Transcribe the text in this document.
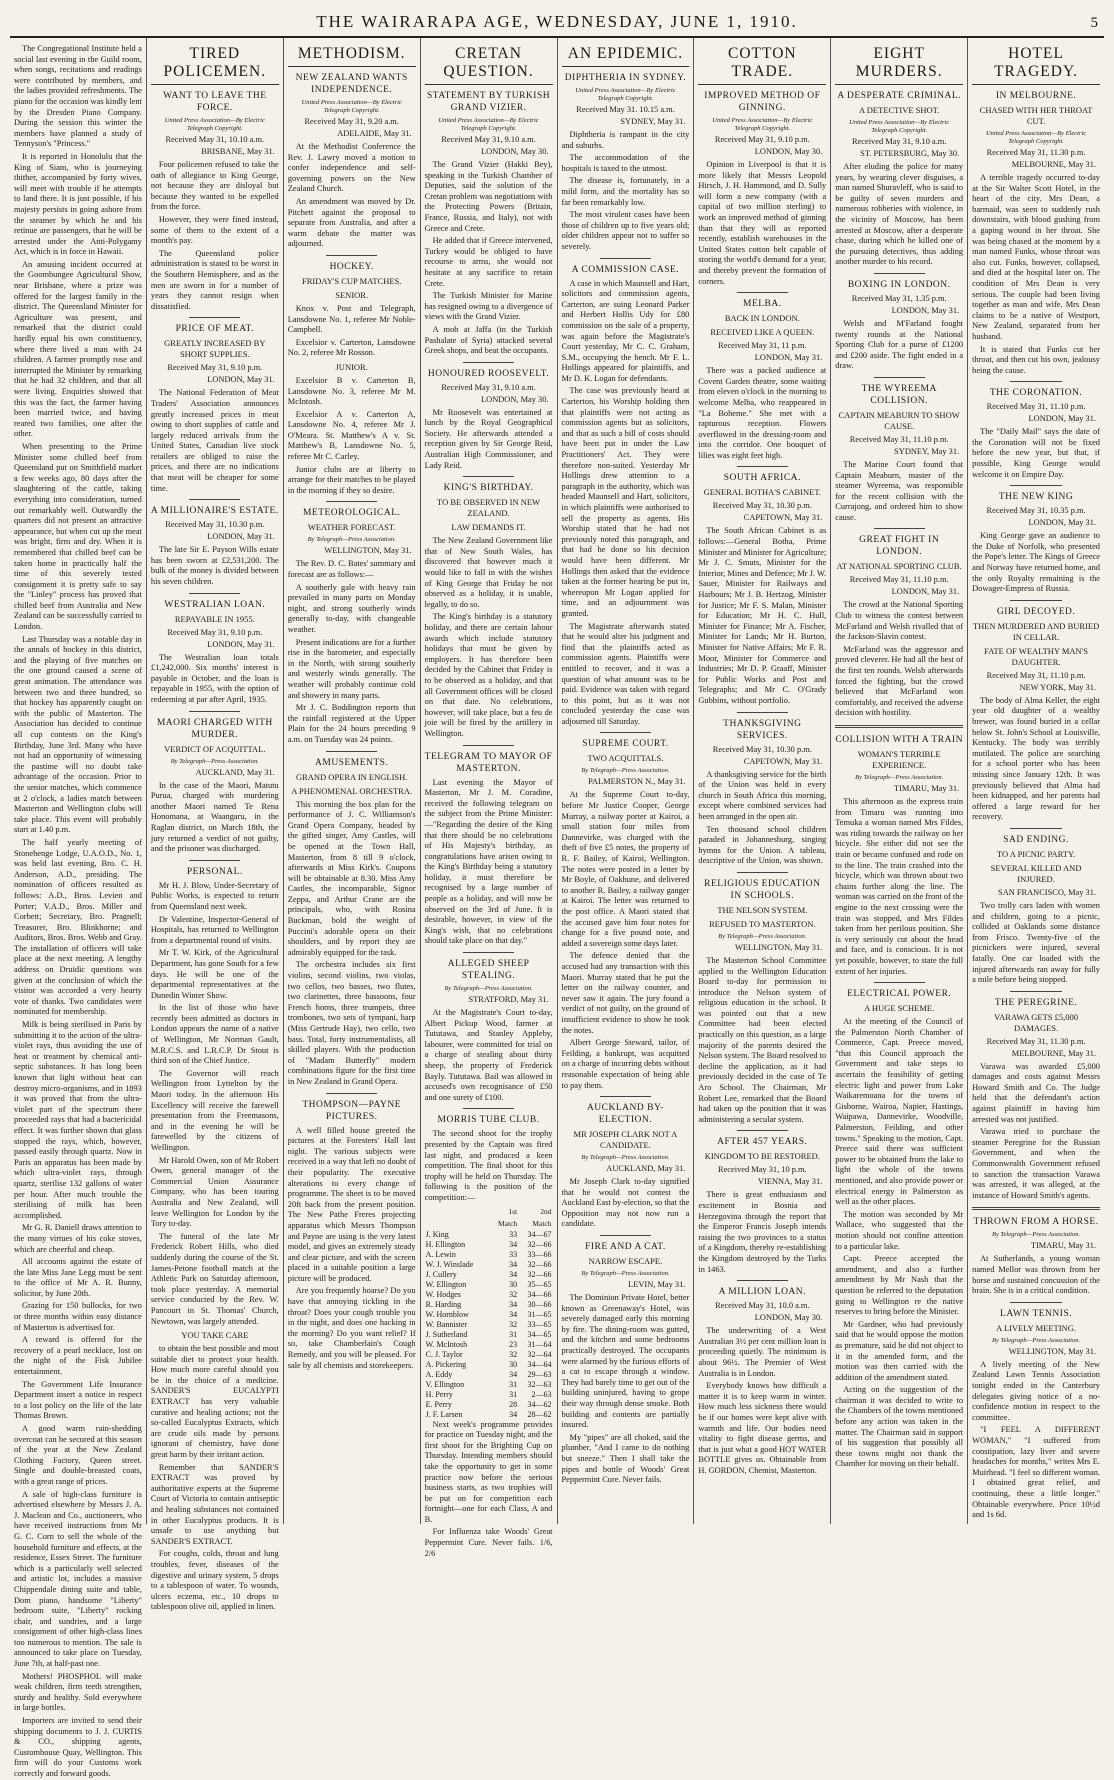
THE WAIRARAPA AGE, WEDNESDAY, JUNE 1, 1910.	5

The Congregational Institute held a social last evening in the Guild room, when songs, recitations and readings were contributed by members, and the ladies provided refreshments. The piano for the occasion was kindly lent by the Dresden Piano Company. During the session this winter the members have planned a study of Tennyson's "Princess."

It is reported in Honolulu that the King of Siam, who is journeying thither, accompanied by forty wives, will meet with trouble if he attempts to land there. It is just possible, if his majesty persists in going ashore from the steamer by which he and his retinue are passengers, that he will be arrested under the Anti-Polygamy Act, which is in force in Hawaii.

An amusing incident occurred at the Goombungee Agricultural Show, near Brisbane, where a prize was offered for the largest family in the district. The Queensland Minister for Agriculture was present, and remarked that the district could hardly equal his own constituency, where there lived a man with 24 children. A farmer promptly rose and interrupted the Minister by remarking that he had 32 children, and that all were living. Enquiries showed that this was the fact, the farmer having been married twice, and having reared two families, one after the other.

When presenting to the Prime Minister some chilled beef from Queensland put on Smithfield market a few weeks ago, 80 days after the slaughtering of the cattle, taking everything into consideration, turned out remarkably well. Outwardly the quarters did not present an attractive appearance, but when cut up the meat was bright, firm and dry. When it is remembered that chilled beef can be taken home in practically half the time of this severely tested consignment it is pretty safe to say the "Linley" process has proved that chilled beef from Australia and New Zealand can be successfully carried to London.

Last Thursday was a notable day in the annals of hockey in this district, and the playing of five matches on the one ground caused a scene of great animation. The attendance was between two and three hundred, so that hockey has apparently caught on with the public of Masterton. The Association has decided to continue all cup contests on the King's Birthday, June 3rd. Many who have not had an opportunity of witnessing the pastime will no doubt take advantage of the occasion. Prior to the senior matches, which commence at 2 o'clock, a ladies match between Masterton and Wellington clubs will take place. This event will probably start at 1.40 p.m.

The half yearly meeting of Stonehenge Lodge, U.A.O.D., No. 1, was held last evening, Bro. C. H. Anderson, A.D., presiding. The nomination of officers resulted as follows: A.D., Bros. Levien and Porter; V.A.D., Bros. Miller and Corbett; Secretary, Bro. Pragnell; Treasurer, Bro. Blinkhorne; and Auditors, Bros. Bros. Webb and Gray. The installation of officers will take place at the next meeting. A lengthy address on Druidic questions was given at the conclusion of which the visitor was accorded a very hearty vote of thanks. Two candidates were nominated for membership.

Milk is being sterilised in Paris by submitting it to the action of the ultra-violet rays, thus avoiding the use of heat or treatment by chemical anti-septic substances. It has long been known that light without heat can destroy micro-organisms, and in 1893 it was proved that from the ultra-violet part of the spectrum there proceeded rays that had a bactericidal effect. It was further shown that glass stopped the rays, which, however, passed easily through quartz. Now in Paris an apparatus has been made by which ultra-violet rays, through quartz, sterilise 132 gallons of water per hour. After much trouble the sterilising of milk has been accomplished.

Mr G. R. Daniell draws attention to the many virtues of his coke stoves, which are cheerful and cheap.

All accounts against the estate of the late Miss Jane Legg must be sent to the office of Mr A. R. Bunny, solicitor, by June 20th.

Grazing for 150 bullocks, for two or three months within easy distance of Masterton is advertised for.

A reward is offered for the recovery of a pearl necklace, lost on the night of the Fisk Jubilee entertainment.

The Government Life Insurance Department insert a notice in respect to a lost policy on the life of the late Thomas Brown.

A good warm rain-shedding overcoat can be secured at this season of the year at the New Zealand Clothing Factory, Queen street. Single and double-breasted coats, with a great range of prices.

A sale of high-class furniture is advertised elsewhere by Messrs J. A. J. Maclean and Co., auctioneers, who have received instructions from Mr G. C. Corn to sell the whole of the household furniture and effects, at the residence, Essex Street. The furniture which is a particularly well selected and artistic lot, includes a massive Chippendale dining suite and table, Dom piano, handsome "Liberty" bedroom suite, "Liberty" rocking chair, and sundries, and a large consignment of other high-class lines too numerous to mention. The sale is announced to take place on Tuesday, June 7th, at half-past one.

Mothers! PHOSPHOL will make weak children, firm teeth strengthen, sturdy and healthy. Sold everywhere in large bottles.

Importers are invited to send their shipping documents to J. J. CURTIS & CO., shipping agents, Customhouse Quay, Wellington. This firm will do your Customs work correctly and forward goods.

TIRED POLICEMEN.
WANT TO LEAVE THE FORCE.
United Press Association—By Electric Telegraph Copyright.
Received May 31, 10.10 a.m.
BRISBANE, May 31.

Four policemen refused to take the oath of allegiance to King George, not because they are disloyal but because they wanted to be expelled from the force.

However, they were fined instead, some of them to the extent of a month's pay.

The Queensland police administration is stated to be worst in the Southern Hemisphere, and as the men are sworn in for a number of years they cannot resign when dissatisfied.

PRICE OF MEAT.
GREATLY INCREASED BY SHORT SUPPLIES.
Received May 31, 9.10 p.m.
LONDON, May 31.

The National Federation of Meat Traders' Association announces greatly increased prices in meat owing to short supplies of cattle and largely reduced arrivals from the United States, Canadian live stock retailers are obliged to raise the prices, and there are no indications that meat will be cheaper for some time.

A MILLIONAIRE'S ESTATE.
Received May 31, 10.30 p.m.
LONDON, May 31.

The late Sir E. Payson Wills estate has been sworn at £2,531,200. The bulk of the money is divided between his seven children.

WESTRALIAN LOAN.
REPAYABLE IN 1955.
Received May 31, 9.10 p.m.
LONDON, May 31.

The Westralian loan totals £1,242,000. Six months' interest is payable in October, and the loan is repayable in 1955, with the option of redeeming at par after April, 1935.

MAORI CHARGED WITH MURDER.
VERDICT OF ACQUITTAL.
By Telegraph—Press Association.
AUCKLAND, May 31.

In the case of the Maori, Matutu Purua, charged with murdering another Maori named Te Rena Honomana, at Waangaru, in the Raglan district, on March 18th, the jury returned a verdict of not guilty, and the prisoner was discharged.

PERSONAL.

Mr H. J. Blow, Under-Secretary of Public Works, is expected to return from Queensland next week.

Dr Valentine, Inspector-General of Hospitals, has returned to Wellington from a departmental round of visits.

Mr T. W. Kirk, of the Agricultural Department, has gone South for a few days. He will be one of the departmental representatives at the Dunedin Winter Show.

In the list of those who have recently been admitted as doctors in London appears the name of a native of Wellington, Mr Norman Gault, M.R.C.S. and L.R.C.P. Dr Stout is third son of the Chief Justice.

The Governor will reach Wellington from Lyttelton by the Maori today. In the afternoon His Excellency will receive the farewell presentation from the Freemasons, and in the evening he will be farewelled by the citizens of Wellington.

Mr Harold Owen, son of Mr Robert Owen, general manager of the Commercial Union Assurance Company, who has been touring Australia and New Zealand, will leave Wellington for London by the Tory to-day.

The funeral of the late Mr Frederick Robert Hills, who died suddenly during the course of the St. James-Petone football match at the Athletic Park on Saturday afternoon, took place yesterday. A memorial service conducted by the Rev. W. Pancourt in St. Thomas' Church, Newtown, was largely attended.

YOU TAKE CARE

to obtain the best possible and most suitable diet to protect your health. How much more careful should you be in the choice of a medicine. SANDER'S EUCALYPTI EXTRACT has very valuable curative and healing actions; not the so-called Eucalyptus Extracts, which are crude oils made by persons ignorant of chemistry, have done great harm by their irritant action.

Remember that SANDER'S EXTRACT was proved by authoritative experts at the Supreme Court of Victoria to contain antiseptic and healing substances not contained in other Eucalyptus products. It is unsafe to use anything but SANDER'S EXTRACT.

For coughs, colds, throat and lung troubles, fever, diseases of the digestive and urinary system, 5 drops to a tablespoon of water. To wounds, ulcers eczema, etc., 10 drops to tablespoon olive oil, applied in linen.

METHODISM.
NEW ZEALAND WANTS INDEPENDENCE.
United Press Association—By Electric Telegraph Copyright.
Received May 31, 9.20 a.m.
ADELAIDE, May 31.

At the Methodist Conference the Rev. J. Lawry moved a motion to confer independence and self-governing powers on the New Zealand Church.

An amendment was moved by Dr. Pitchett against the proposal to separate from Australia, and after a warm debate the matter was adjourned.

HOCKEY.
FRIDAY'S CUP MATCHES.
SENIOR.

Knox v. Post and Telegraph, Lansdowne No. 1, referee Mr Noble-Campbell.

Excelsior v. Carterton, Lansdowne No. 2, referee Mr Rosson.

JUNIOR.

Excelsior B v. Carterton B, Lansdowne No. 3, referee Mr M. McIntosh.

Excelsior A v. Carterton A, Lansdowne No. 4, referee Mr J. O'Meara. St. Matthew's A v. St. Matthew's B, Lansdowne No. 5, referee Mr C. Carley.

Junior clubs are at liberty to arrange for their matches to be played in the morning if they so desire.

METEOROLOGICAL.
WEATHER FORECAST.
By Telegraph—Press Association.
WELLINGTON, May 31.

The Rev. D. C. Bates' summary and forecast are as follows:—

A southerly gale with heavy rain prevailed in many parts on Monday night, and strong southerly winds generally to-day, with changeable weather.

Present indications are for a further rise in the barometer, and especially in the North, with strong southerly and westerly winds generally. The weather will probably continue cold and showery in many parts.

Mr J. C. Boddington reports that the rainfall registered at the Upper Plain for the 24 hours preceding 9 a.m. on Tuesday was 24 points.

AMUSEMENTS.
GRAND OPERA IN ENGLISH.
A PHENOMENAL ORCHESTRA.

This morning the box plan for the performance of J. C. Williamson's Grand Opera Company, headed by the gifted singer, Amy Castles, will be opened at the Town Hall, Masterton, from 8 till 9 o'clock, afterwards at Miss Kirk's. Coupons will be obtainable at 8.30. Miss Amy Castles, the incomparable, Signor Zeppa, and Arthur Crane are the principals, who, with Rosina Buckman, bold the weight of Puccini's adorable opera on their shoulders, and by report they are admirably equipped for the task.

The orchestra includes six first violins, second violins, two violas, two cellos, two basses, two flutes, two clarinettes, three bassoons, four French horns, three trumpets, three trombones, two sets of tympani, harp (Miss Gertrude Hay), two cello, two bass. Total, forty instrumentalists, all skilled players. With the production of "Madam Butterfly" modern combinations figure for the first time in New Zealand in Grand Opera.

THOMPSON—PAYNE PICTURES.

A well filled house greeted the pictures at the Foresters' Hall last night. The various subjects were received in a way that left no doubt of their popularity. The executive alterations to every change of programme. The sheet is to be moved 20ft back from the present position. The New Pathe Freres projecting apparatus which Messrs Thompson and Payne are using is the very latest model, and gives an extremely steady and clear picture, and with the screen placed in a suitable position a large picture will be produced.

Are you frequently hoarse? Do you have that annoying tickling in the throat? Does your cough trouble you in the night, and does one hacking in the morning? Do you want relief? If so, take Chamberlain's Cough Remedy, and you will be pleased. For sale by all chemists and storekeepers.

CRETAN QUESTION.
STATEMENT BY TURKISH GRAND VIZIER.
United Press Association—By Electric Telegraph Copyright.
Received May 31, 9.10 a.m.
LONDON, May 30.

The Grand Vizier (Hakki Bey), speaking in the Turkish Chamber of Deputies, said the solution of the Cretan problem was negotiations with the Protecting Powers (Britain, France, Russia, and Italy), not with Greece and Crete.

He added that if Greece intervened, Turkey would be obliged to have recourse to arms, she would not hesitate at any sacrifice to retain Crete.

The Turkish Minister for Marine has resigned owing to a divergence of views with the Grand Vizier.

A mob at Jaffa (in the Turkish Pashalate of Syria) attacked several Greek shops, and beat the occupants.

HONOURED ROOSEVELT.
Received May 31, 9.10 a.m.
LONDON, May 30.

Mr Roosevelt was entertained at lunch by the Royal Geographical Society. He afterwards attended a reception given by Sir George Reid, Australian High Commissioner, and Lady Reid.

KING'S BIRTHDAY.
TO BE OBSERVED IN NEW ZEALAND.
LAW DEMANDS IT.

The New Zealand Government like that of New South Wales, has discovered that however much it would like to fall in with the wishes of King George that Friday be not observed as a holiday, it is unable, legally, to do so.

The King's birthday is a statutory holiday, and there are certain labour awards which include statutory holidays that must be given by employers. It has therefore been decided by the Cabinet that Friday is to be observed as a holiday, and that all Government offices will be closed on that date. No celebrations, however, will take place, but a feu de joie will be fired by the artillery in Wellington.

TELEGRAM TO MAYOR OF MASTERTON.

Last evening the Mayor of Masterton, Mr J. M. Coradine, received the following telegram on the subject from the Prime Minister:—"Regarding the desire of the King that there should be no celebrations of His Majesty's birthday, as congratulations have arisen owing to the King's Birthday being a statutory holiday, it must therefore be recognised by a large number of people as a holiday, and will now be observed on the 3rd of June. It is desirable, however, in view of the King's wish, that no celebrations should take place on that day."

ALLEGED SHEEP STEALING.
By Telegraph—Press Association.
STRATFORD, May 31.

At the Magistrate's Court to-day, Albert Pickup Wood, farmer at Tututawa, and Stanley Appleby, labourer, were committed for trial on a charge of stealing about thirty sheep, the property of Frederick Bayly. Tututawa. Bail was allowed in accused's own recognisance of £50 and one surety of £100.

MORRIS TUBE CLUB.

The second shoot for the trophy presented by the Captain was fired last night, and produced a keen competition. The final shoot for this trophy will be held on Thursday. The following is the position of the competition:—

	1st	2nd
	Match	Match
J. King	33	34—67
H. Ellington	34	32—66
A. Lewin	33	33—66
W. J. Winslade	34	32—66
J. Cullery	34	32—66
W. Ellington	30	35—65
W. Hodges	32	34—66
R. Harding	34	30—66
W. Hornblow	34	31—65
W. Bannister	32	33—65
J. Sutherland	31	34—65
W. McIntosh	23	31—64
C. J. Taylor	32	32—64
A. Pickering	30	34—64
A. Eddy	34	29—63
V. Ellington	31	32—63
H. Perry	31	2—63
E. Perry	28	34—62
J. F. Larsen	34	28—62

Next week's programme provides for practice on Tuesday night, and the first shoot for the Brighting Cup on Thursday. Intending members should take the opportunity to get in some practice now before the serious business starts, as two trophies will be put on for competition each fortnight—one for each Class, A and B.

For Influenza take Woods' Great Peppermint Cure. Never fails. 1/6, 2/6

AN EPIDEMIC.
DIPHTHERIA IN SYDNEY.
United Press Association—By Electric Telegraph Copyright.
Received May 31. 10.15 a.m.
SYDNEY, May 31.

Diphtheria is rampant in the city and suburbs.

The accommodation of the hospitals is taxed to the utmost.

The disease is, fortunately, in a mild form, and the mortality has so far been remarkably low.

The most virulent cases have been those of children up to five years old; older children appear not to suffer so severely.

A COMMISSION CASE.

A case in which Maunsell and Hart, solicitors and commission agents, Carterton, are suing Leonard Parker and Herbert Hollis Udy for £80 commission on the sale of a property, was again before the Magistrate's Court yesterday, Mr C. C. Graham, S.M., occupying the bench. Mr F. L. Hollings appeared for plaintiffs, and Mr D. K. Logan for defendants.

The case was previously heard at Carterton, his Worship holding then that plaintiffs were not acting as commission agents but as solicitors, and that as such a bill of costs should have been put in under the Law Practitioners' Act. They were therefore non-suited. Yesterday Mr Hollings drew attention to a paragraph in the authority, which was headed Maunsell and Hart, solicitors, in which plaintiffs were authorised to sell the property as agents. His Worship stated that he had not previously noted this paragraph, and that had he done so his decision would have been different. Mr Hollings then asked that the evidence taken at the former hearing be put in, whereupon Mr Logan applied for time, and an adjournment was granted.

The Magistrate afterwards stated that he would alter his judgment and find that the plaintiffs acted as commission agents. Plaintiffs were entitled to recover, and it was a question of what amount was to be paid. Evidence was taken with regard to this point, but as it was not concluded yesterday the case was adjourned till Saturday.

SUPREME COURT.
TWO ACQUITTALS.
By Telegraph—Press Association.
PALMERSTON N., May 31.

At the Supreme Court to-day, before Mr Justice Cooper, George Murray, a railway porter at Kairoi, a small station four miles from Dannevirke, was charged with the theft of five £5 notes, the property of R. F. Bailey, of Kairoi, Wellington. The notes were posted in a letter by Mr Boyle, of Oakhune, and delivered to another R. Bailey, a railway ganger at Kairoi. The letter was returned to the post office. A Maori stated that the accused gave him four notes for change for a five pound note, and added a sovereign some days later.

The defence denied that the accused had any transaction with this Maori. Murray stated that he put the letter on the railway counter, and never saw it again. The jury found a verdict of not guilty, on the ground of insufficient evidence to show he took the notes.

Albert George Steward, tailor, of Feilding, a bankrupt, was acquitted on a charge of incurring debts without reasonable expectation of being able to pay them.

AUCKLAND BY-ELECTION.
MR JOSEPH CLARK NOT A CANDIDATE.
By Telegraph—Press Association.
AUCKLAND, May 31.

Mr Joseph Clark to-day signified that he would not contest the Auckland East by-election, so that the Opposition may not now run a candidate.

FIRE AND A CAT.
NARROW ESCAPE.
By Telegraph—Press Association.
LEVIN, May 31.

The Dominion Private Hotel, better known as Greenaway's Hotel, was severely damaged early this morning by fire. The dining-room was gutted, and the kitchen and some bedrooms practically destroyed. The occupants were alarmed by the furious efforts of a cat to escape through a window. They had barely time to get out of the building uninjured, having to grope their way through dense smoke. Both building and contents are partially insured.

My "pipes" are all choked, said the plumber, "And I came to do nothing but sneeze." Then I shall take the pipes and bottle of Woods' Great Peppermint Cure. Never fails.

COTTON TRADE.
IMPROVED METHOD OF GINNING.
United Press Association—By Electric Telegraph Copyright.
Received May 31, 9.10 p.m.
LONDON, May 30.

Opinion in Liverpool is that it is more likely that Messrs Leopold Hirsch, J. H. Hammond, and D. Sully will form a new company (with a capital of two million sterling) to work an improved method of ginning than that they will as reported recently, establish warehouses in the United States cotton belt capable of storing the world's demand for a year, and thereby prevent the formation of corners.

MELBA.
BACK IN LONDON.
RECEIVED LIKE A QUEEN.
Received May 31, 11 p.m.
LONDON, May 31.

There was a packed audience at Covent Garden theatre, some waiting from eleven o'clock in the morning to welcome Melba, who reappeared in "La Boheme." She met with a rapturous reception. Flowers overflowed in the dressing-room and into the corridor. One bouquet of lilies was eight feet high.

SOUTH AFRICA.
GENERAL BOTHA'S CABINET.
Received May 31, 10.30 p.m.
CAPETOWN, May 31.

The South African Cabinet is as follows:—General Botha, Prime Minister and Minister for Agriculture; Mr J. C. Smuts, Minister for the Interior, Mines and Defence; Mr J. W. Sauer, Minister for Railways and Harbours; Mr J. B. Hertzog, Minister for Justice; Mr F. S. Malan, Minister for Education; Mr H. C. Hull, Minister for Finance; Mr A. Fischer, Minister for Lands; Mr H. Burton, Minister for Native Affairs; Mr F. R. Moor, Minister for Commerce and Industries; Mr D. P. Graaff, Minister for Public Works and Post and Telegraphs; and Mr C. O'Grady Gubbins, without portfolio.

THANKSGIVING SERVICES.
Received May 31, 10.30 p.m.
CAPETOWN, May 31.

A thanksgiving service for the birth of the Union was held in every church in South Africa this morning, except where combined services had been arranged in the open air.

Ten thousand school children paraded in Johannesburg, singing hymns for the Union. A tableau, descriptive of the Union, was shown.

RELIGIOUS EDUCATION IN SCHOOLS.
THE NELSON SYSTEM.
REFUSED TO MASTERTON.
By Telegraph—Press Association.
WELLINGTON, May 31.

The Masterton School Committee applied to the Wellington Education Board to-day for permission to introduce the Nelson system of religious education in the school. It was pointed out that a new Committee had been elected practically on this question, as a large majority of the parents desired the Nelson system. The Board resolved to decline the application, as it had previously decided in the case of Te Aro School. The Chairman, Mr Robert Lee, remarked that the Board had taken up the position that it was administering a secular system.

AFTER 457 YEARS.
KINGDOM TO BE RESTORED.
Received May 31, 10 p.m.
VIENNA, May 31.

There is great enthusiasm and excitement in Bosnia and Herzegovina through the report that the Emperor Francis Joseph intends raising the two provinces to a status of a Kingdom, thereby re-establishing the Kingdom destroyed by the Turks in 1463.

A MILLION LOAN.
Received May 31, 10.0 a.m.
LONDON, May 30.

The underwriting of a West Australian 3½ per cent million loan is proceeding quietly. The minimum is about 96½. The Premier of West Australia is in London.

Everybody knows how difficult a matter it is to keep warm in winter. How much less sickness there would be if our homes were kept alive with warmth and life. Our bodies need vitality to fight disease germs, and that is just what a good HOT WATER BOTTLE gives us. Obtainable from H. GORDON, Chemist, Masterton.

EIGHT MURDERS.
A DESPERATE CRIMINAL.
A DETECTIVE SHOT.
United Press Association—By Electric Telegraph Copyright.
Received May 31, 9.10 a.m.
ST. PETERSBURG, May 30.

After eluding the police for many years, by wearing clever disguises, a man named Shuravleff, who is said to be guilty of seven murders and numerous robberies with violence, in the vicinity of Moscow, has been arrested at Moscow, after a desperate chase, during which he killed one of the pursuing detectives, thus adding another murder to his record.

BOXING IN LONDON.
Received May 31, 1.35 p.m.
LONDON, May 31.

Welsh and M'Farland fought twenty rounds at the National Sporting Club for a purse of £1200 and £200 aside. The fight ended in a draw.

THE WYREEMA COLLISION.
CAPTAIN MEABURN TO SHOW CAUSE.
Received May 31, 11.10 p.m.
SYDNEY, May 31.

The Marine Court found that Captain Meaburn, master of the steamer Wyreema, was responsible for the recent collision with the Currajong, and ordered him to show cause.

GREAT FIGHT IN LONDON.
AT NATIONAL SPORTING CLUB.
Received May 31, 11.10 p.m.
LONDON, May 31.

The crowd at the National Sporting Club to witness the contest between McFarland and Welsh rivalled that of the Jackson-Slavin contest.

McFarland was the aggressor and proved cleverer. He had all the best of the first ten rounds. Welsh afterwards forced the fighting, but the crowd believed that McFarland won comfortably, and received the adverse decision with hostility.

COLLISION WITH A TRAIN
WOMAN'S TERRIBLE EXPERIENCE.
By Telegraph—Press Association.
TIMARU, May 31.

This afternoon as the express train from Timaru was running into Temuka a woman named Mrs Fildes, was riding towards the railway on her bicycle. She either did not see the train or became confused and rode on to the line. The train crashed into the bicycle, which was thrown about two chains further along the line. The woman was carried on the front of the engine to the next crossing were the train was stopped, and Mrs Fildes taken from her perilous position. She is very seriously cut about the head and face, and is conscious. It is not yet possible, however, to state the full extent of her injuries.

ELECTRICAL POWER.
A HUGE SCHEME.

At the meeting of the Council of the Palmerston North Chamber of Commerce, Capt. Preece moved, "that this Council approach the Government and take steps to ascertain the feasibility of getting electric light and power from Lake Waikaremoana for the towns of Gisborne, Wairoa, Napier, Hastings, Waipawa, Dannevirke, Woodville, Palmerston, Feilding, and other towns." Speaking to the motion, Capt. Preece said there was sufficient power to be obtained from the lake to light the whole of the towns mentioned, and also provide power or electrical energy in Palmerston as well as the other places.

The motion was seconded by Mr Wallace, who suggested that the motion should not confine attention to a particular lake.

Capt. Preece accepted the amendment, and also a further amendment by Mr Nash that the question be referred to the deputation going to Wellington re the native reserves to bring before the Minister.

Mr Gardner, who had previously said that he would oppose the motion as premature, said he did not object to it in the amended form, and the motion was then carried with the addition of the amendment stated.

Acting on the suggestion of the chairman it was decided to write to the Chambers of the towns mentioned before any action was taken in the matter. The Chairman said in support of his suggestion that possibly all these towns might not thank the Chamber for moving on their behalf.

HOTEL TRAGEDY.
IN MELBOURNE.
CHASED WITH HER THROAT CUT.
United Press Association—By Electric Telegraph Copyright.
Received May 31, 11.30 p.m.
MELBOURNE, May 31.

A terrible tragedy occurred to-day at the Sir Walter Scott Hotel, in the heart of the city. Mrs Dean, a barmaid, was seen to suddenly rush downstairs, with blood gushing from a gaping wound in her throat. She was being chased at the moment by a man named Funks, whose throat was also cut. Funks, however, collapsed, and died at the hospital later on. The condition of Mrs Dean is very serious. The couple had been living together as man and wife. Mrs Dean claims to be a native of Westport, New Zealand, separated from her husband.

It is stated that Funks cut her throat, and then cut his own, jealousy being the cause.

THE CORONATION.
Received May 31, 11.10 p.m.
LONDON, May 31.

The "Daily Mail" says the date of the Coronation will not be fixed before the new year, but that, if possible, King George would welcome it on Empire Day.

THE NEW KING
Received May 31, 10.35 p.m.
LONDON, May 31.

King George gave an audience to the Duke of Norfolk, who presented the Pope's letter. The Kings of Greece and Norway have returned home, and the only Royalty remaining is the Dowager-Empress of Russia.

GIRL DECOYED.
THEN MURDERED AND BURIED IN CELLAR.
FATE OF WEALTHY MAN'S DAUGHTER.
Received May 31, 11.10 p.m.
NEW YORK, May 31.

The body of Alma Keller, the eight year old daughter of a wealthy brewer, was found buried in a cellar below St. John's School at Louisville, Kentucky. The body was terribly mutilated. The police are searching for a school porter who has been missing since January 12th. It was previously believed that Alma had been kidnapped, and her parents had offered a large reward for her recovery.

SAD ENDING.
TO A PICNIC PARTY.
SEVERAL KILLED AND INJURED.
SAN FRANCISCO, May 31.

Two trolly cars laden with women and children, going to a picnic, collided at Oaklands some distance from Frisco. Twenty-five of the picnickers were injured, several fatally. One car loaded with the injured afterwards ran away for fully a mile before being stopped.

THE PEREGRINE.
VARAWA GETS £5,000 DAMAGES.
Received May 31, 11.30 p.m.
MELBOURNE, May 31.

Varawa was awarded £5,000 damages and costs against Messrs Howard Smith and Co. The Judge held that the defendant's action against plaintiff in having him arrested was not justified.

Varawa tried to purchase the steamer Peregrine for the Russian Government, and when the Commonwealth Government refused to sanction the transaction Varawa was arrested, it was alleged, at the instance of Howard Smith's agents.

THROWN FROM A HORSE.
By Telegraph—Press Association.
TIMARU, May 31.

At Sutherlands, a young woman named Mellor was thrown from her horse and sustained concussion of the brain. She is in a critical condition.

LAWN TENNIS.
A LIVELY MEETING.
By Telegraph—Press Association.
WELLINGTON, May 31.

A lively meeting of the New Zealand Lawn Tennis Association tonight ended in the Canterbury delegates giving notice of a no-confidence motion in respect to the committee.

"I FEEL A DIFFERENT WOMAN," "I suffered from constipation, lazy liver and severe headaches for months," writes Mrs E. Muirhead. "I feel so different woman. I obtained great relief, and continuing, these a little longer." Obtainable everywhere. Price 10½d and 1s 6d.
